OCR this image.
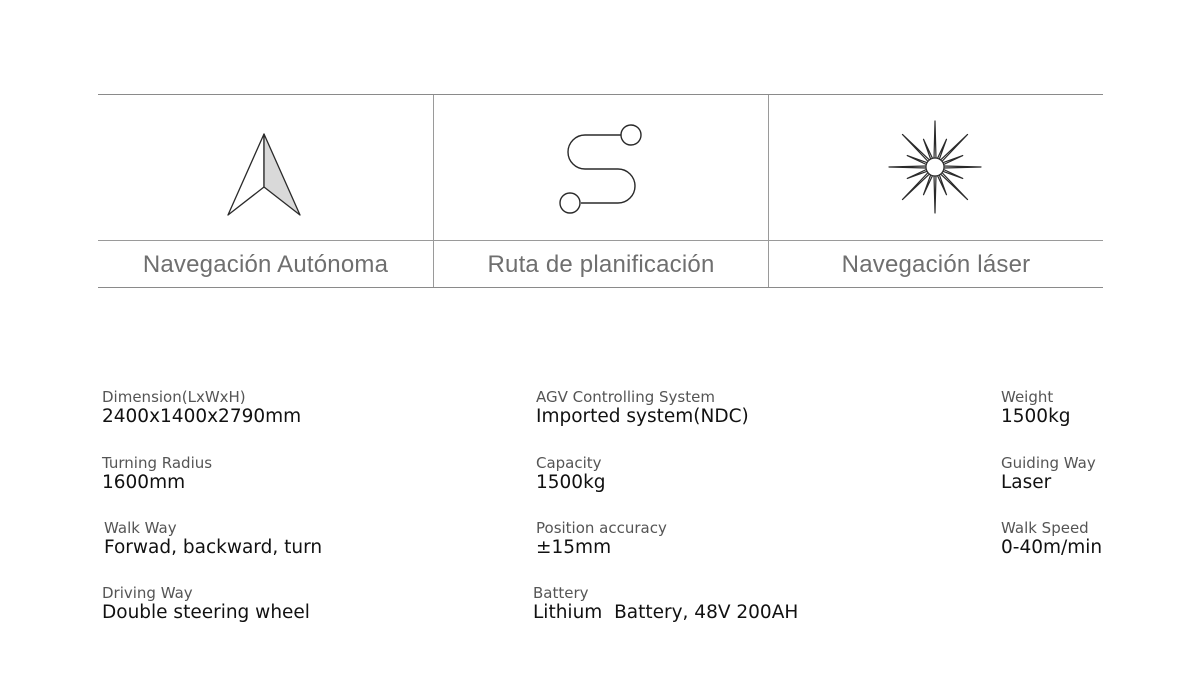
Navegación Autónoma	Ruta de planificación	Navegación láser
Dimension(LxWxH)
2400x1400x2790mm
Turning Radius
1600mm
Walk Way
Forwad, backward, turn
Driving Way
Double steering wheel
AGV Controlling System
Imported system(NDC)
Capacity
1500kg
Position accuracy
±15mm
Battery
Lithium  Battery, 48V 200AH
Weight
1500kg
Guiding Way
Laser
Walk Speed
0-40m/min
